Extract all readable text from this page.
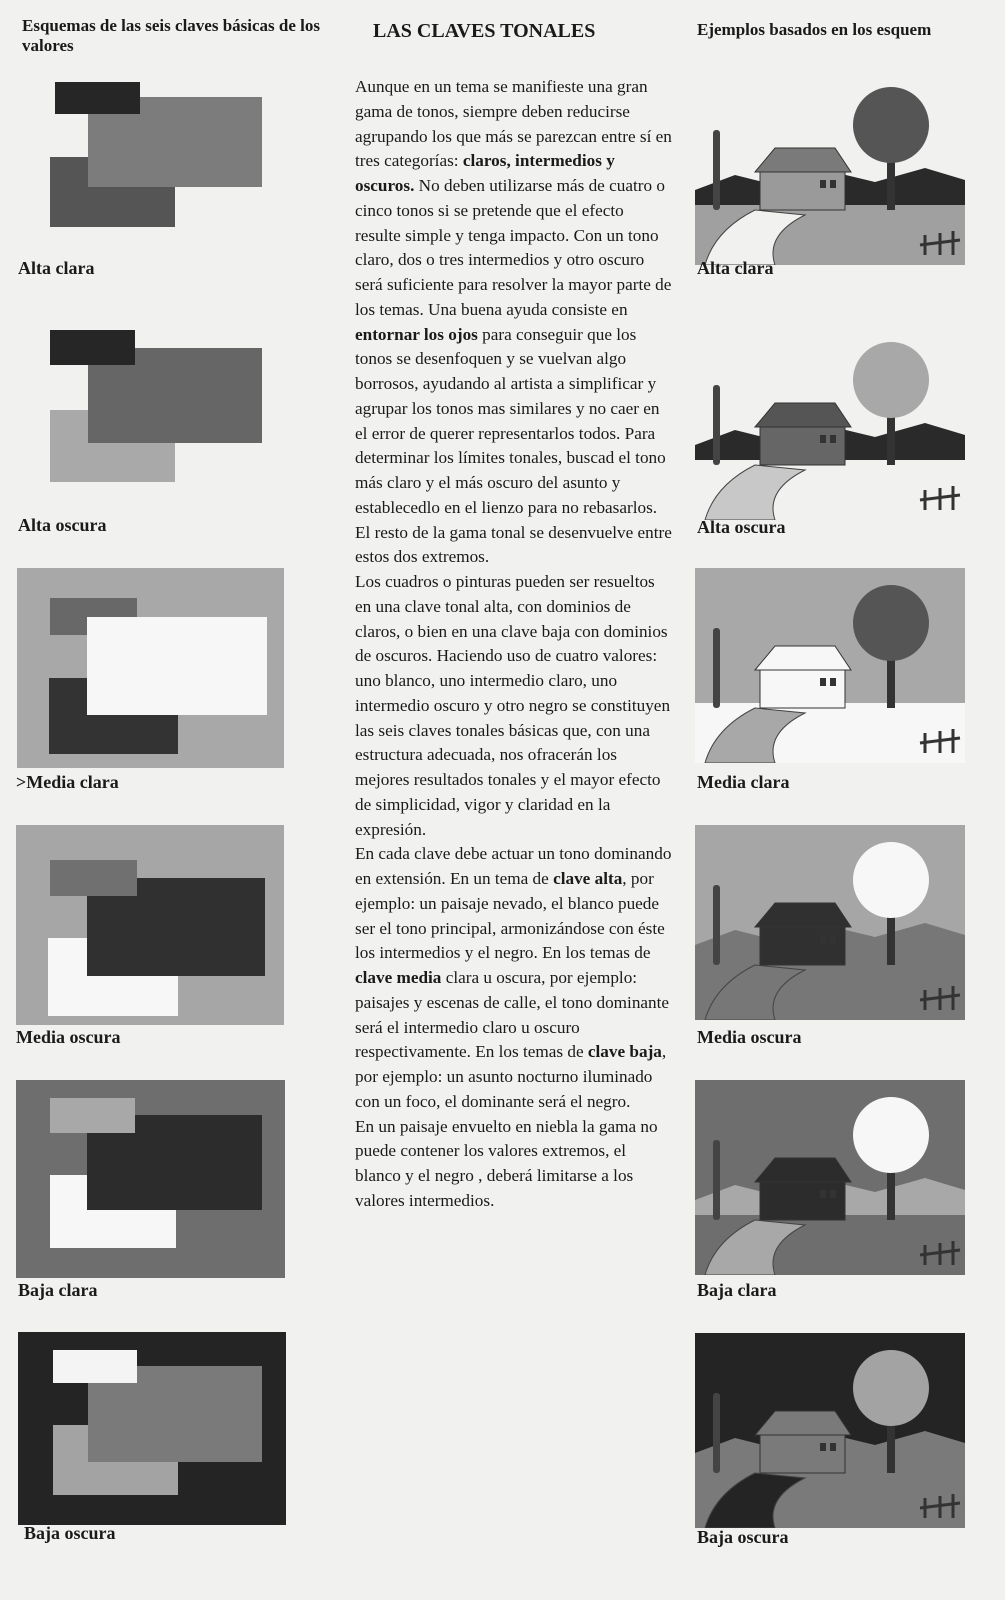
Esquemas de las seis claves básicas de los valores
LAS CLAVES TONALES	Ejemplos basados en los esquem
Alta clara
Alta oscura
>Media clara
Media oscura
Baja clara
Baja oscura

Aunque en un tema se manifieste una gran gama de tonos, siempre deben reducirse agrupando los que más se parezcan entre sí en tres categorías: claros, intermedios y oscuros. No deben utilizarse más de cuatro o cinco tonos si se pretende que el efecto resulte simple y tenga impacto. Con un tono claro, dos o tres intermedios y otro oscuro será suficiente para resolver la mayor parte de los temas. Una buena ayuda consiste en entornar los ojos para conseguir que los tonos se desenfoquen y se vuelvan algo borrosos, ayudando al artista a simplificar y agrupar los tonos mas similares y no caer en el error de querer representarlos todos. Para determinar los límites tonales, buscad el tono más claro y el más oscuro del asunto y establecedlo en el lienzo para no rebasarlos. El resto de la gama tonal se desenvuelve entre estos dos extremos.

Los cuadros o pinturas pueden ser resueltos en una clave tonal alta, con dominios de claros, o bien en una clave baja con dominios de oscuros. Haciendo uso de cuatro valores: uno blanco, uno intermedio claro, uno intermedio oscuro y otro negro se constituyen las seis claves tonales básicas que, con una estructura adecuada, nos ofracerán los mejores resultados tonales y el mayor efecto de simplicidad, vigor y claridad en la expresión.

En cada clave debe actuar un tono dominando en extensión. En un tema de clave alta, por ejemplo: un paisaje nevado, el blanco puede ser el tono principal, armonizándose con éste los intermedios y el negro. En los temas de clave media clara u oscura, por ejemplo: paisajes y escenas de calle, el tono dominante será el intermedio claro u oscuro respectivamente. En los temas de clave baja, por ejemplo: un asunto nocturno iluminado con un foco, el dominante será el negro.

En un paisaje envuelto en niebla la gama no puede contener los valores extremos, el blanco y el negro , deberá limitarse a los valores intermedios.

Alta clara
Alta oscura
Media clara
Media oscura
Baja clara
Baja oscura
